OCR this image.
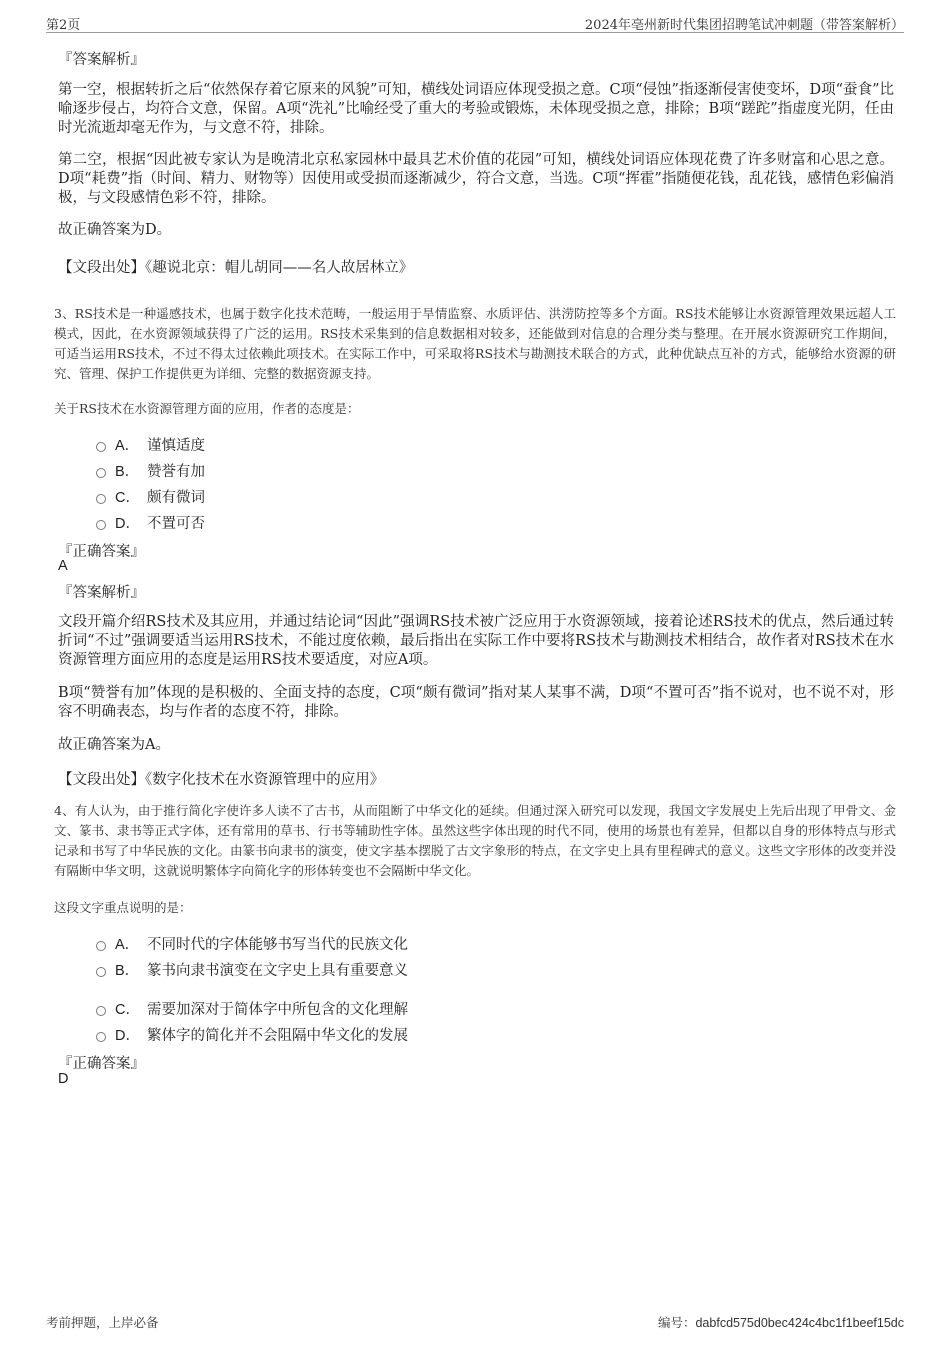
第2页	2024年亳州新时代集团招聘笔试冲刺题（带答案解析）
『答案解析』
第一空，根据转折之后“依然保存着它原来的风貌”可知，横线处词语应体现受损之意。C项“侵蚀”指逐渐侵害使变坏，D项“蚕食”比喻逐步侵占，均符合文意，保留。A项“洗礼”比喻经受了重大的考验或锻炼，未体现受损之意，排除；B项“蹉跎”指虚度光阴，任由时光流逝却毫无作为，与文意不符，排除。
第二空，根据“因此被专家认为是晚清北京私家园林中最具艺术价值的花园”可知，横线处词语应体现花费了许多财富和心思之意。D项“耗费”指（时间、精力、财物等）因使用或受损而逐渐减少，符合文意，当选。C项“挥霍”指随便花钱，乱花钱，感情色彩偏消极，与文段感情色彩不符，排除。
故正确答案为D。
【文段出处】《趣说北京：帽儿胡同——名人故居林立》
3、RS技术是一种遥感技术，也属于数字化技术范畴，一般运用于旱情监察、水质评估、洪涝防控等多个方面。RS技术能够让水资源管理效果远超人工模式，因此，在水资源领域获得了广泛的运用。RS技术采集到的信息数据相对较多，还能做到对信息的合理分类与整理。在开展水资源研究工作期间，可适当运用RS技术，不过不得太过依赖此项技术。在实际工作中，可采取将RS技术与勘测技术联合的方式，此种优缺点互补的方式，能够给水资源的研究、管理、保护工作提供更为详细、完整的数据资源支持。
关于RS技术在水资源管理方面的应用，作者的态度是：
A． 谨慎适度
B． 赞誉有加
C． 颇有微词
D． 不置可否
『正确答案』
A
『答案解析』
文段开篇介绍RS技术及其应用，并通过结论词“因此”强调RS技术被广泛应用于水资源领域，接着论述RS技术的优点，然后通过转折词“不过”强调要适当运用RS技术，不能过度依赖，最后指出在实际工作中要将RS技术与勘测技术相结合，故作者对RS技术在水资源管理方面应用的态度是运用RS技术要适度，对应A项。
B项“赞誉有加”体现的是积极的、全面支持的态度，C项“颇有微词”指对某人某事不满，D项“不置可否”指不说对，也不说不对，形容不明确表态，均与作者的态度不符，排除。
故正确答案为A。
【文段出处】《数字化技术在水资源管理中的应用》
4、有人认为，由于推行简化字使许多人读不了古书，从而阻断了中华文化的延续。但通过深入研究可以发现，我国文字发展史上先后出现了甲骨文、金文、篆书、隶书等正式字体，还有常用的草书、行书等辅助性字体。虽然这些字体出现的时代不同，使用的场景也有差异，但都以自身的形体特点与形式记录和书写了中华民族的文化。由篆书向隶书的演变，使文字基本摆脱了古文字象形的特点，在文字史上具有里程碑式的意义。这些文字形体的改变并没有隔断中华文明，这就说明繁体字向简化字的形体转变也不会隔断中华文化。
这段文字重点说明的是：
A． 不同时代的字体能够书写当代的民族文化
B． 篆书向隶书演变在文字史上具有重要意义
C． 需要加深对于简体字中所包含的文化理解
D． 繁体字的简化并不会阻隔中华文化的发展
『正确答案』
D
考前押题，上岸必备	编号：dabfcd575d0bec424c4bc1f1beef15dc
